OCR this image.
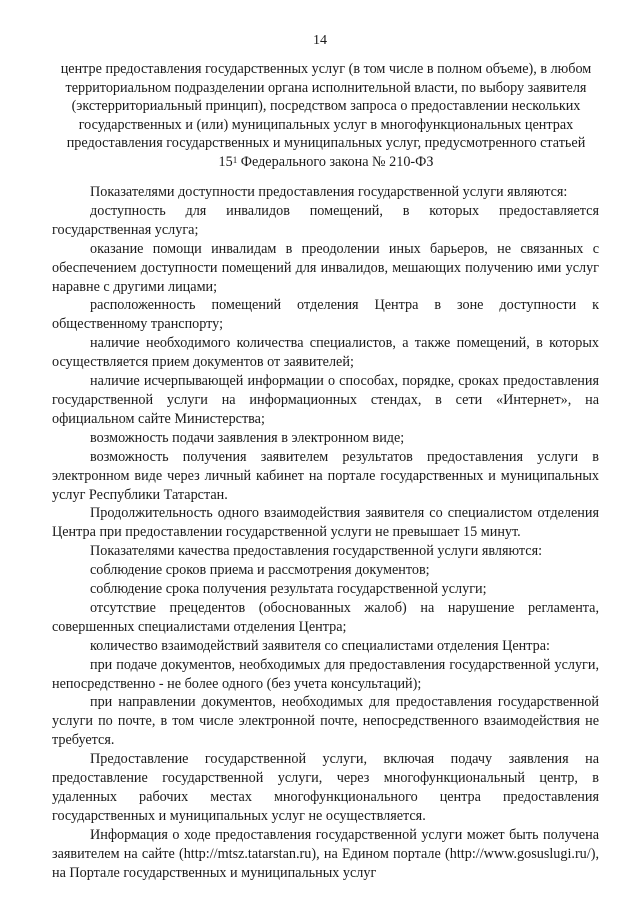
14
центре предоставления государственных услуг (в том числе в полном объеме), в любом территориальном подразделении органа исполнительной власти, по выбору заявителя (экстерриториальный принцип), посредством запроса о предоставлении нескольких государственных и (или) муниципальных услуг в многофункциональных центрах предоставления государственных и муниципальных услуг, предусмотренного статьей $15^1$ Федерального закона № 210-ФЗ

Показателями доступности предоставления государственной услуги являются:

доступность для инвалидов помещений, в которых предоставляется государственная услуга;

оказание помощи инвалидам в преодолении иных барьеров, не связанных с обеспечением доступности помещений для инвалидов, мешающих получению ими услуг наравне с другими лицами;

расположенность помещений отделения Центра в зоне доступности к общественному транспорту;

наличие необходимого количества специалистов, а также помещений, в которых осуществляется прием документов от заявителей;

наличие исчерпывающей информации о способах, порядке, сроках предоставления государственной услуги на информационных стендах, в сети «Интернет», на официальном сайте Министерства;

возможность подачи заявления в электронном виде;

возможность получения заявителем результатов предоставления услуги в электронном виде через личный кабинет на портале государственных и муниципальных услуг Республики Татарстан.

Продолжительность одного взаимодействия заявителя со специалистом отделения Центра при предоставлении государственной услуги не превышает 15 минут.

Показателями качества предоставления государственной услуги являются:

соблюдение сроков приема и рассмотрения документов;

соблюдение срока получения результата государственной услуги;

отсутствие прецедентов (обоснованных жалоб) на нарушение регламента, совершенных специалистами отделения Центра;

количество взаимодействий заявителя со специалистами отделения Центра:

при подаче документов, необходимых для предоставления государственной услуги, непосредственно - не более одного (без учета консультаций);

при направлении документов, необходимых для предоставления государственной услуги по почте, в том числе электронной почте, непосредственного взаимодействия не требуется.

Предоставление государственной услуги, включая подачу заявления на предоставление государственной услуги, через многофункциональный центр, в удаленных рабочих местах многофункционального центра предоставления государственных и муниципальных услуг не осуществляется.

Информация о ходе предоставления государственной услуги может быть получена заявителем на сайте (http://mtsz.tatarstan.ru), на Едином портале (http://www.gosuslugi.ru/), на Портале государственных и муниципальных услуг
